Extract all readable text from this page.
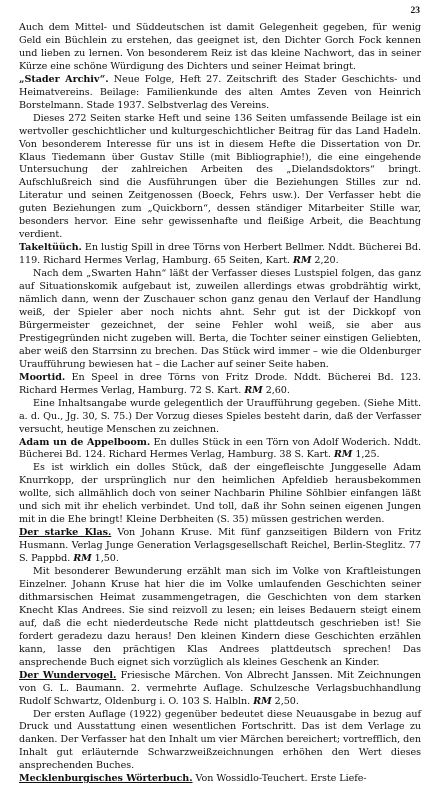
23

Auch dem Mittel- und Süddeutschen ist damit Gelegenheit gegeben, für wenig Geld ein Büchlein zu erstehen, das geeignet ist, den Dichter Gorch Fock kennen und lieben zu lernen. Von besonderem Reiz ist das kleine Nachwort, das in seiner Kürze eine schöne Würdigung des Dichters und seiner Heimat bringt.

„Stader Archiv“. Neue Folge, Heft 27. Zeitschrift des Stader Geschichts- und Heimatvereins. Beilage: Familienkunde des alten Amtes Zeven von Heinrich Borstelmann. Stade 1937. Selbstverlag des Vereins.

Dieses 272 Seiten starke Heft und seine 136 Seiten umfassende Beilage ist ein wertvoller geschichtlicher und kulturgeschichtlicher Beitrag für das Land Hadeln. Von besonderem Interesse für uns ist in diesem Hefte die Dissertation von Dr. Klaus Tiedemann über Gustav Stille (mit Bibliographie!), die eine eingehende Untersuchung der zahlreichen Arbeiten des „Dielandsdoktors“ bringt. Aufschlußreich sind die Ausführungen über die Beziehungen Stilles zur nd. Literatur und seinen Zeitgenossen (Boeck, Fehrs usw.). Der Verfasser hebt die guten Beziehungen zum „Quickborn“, dessen ständiger Mitarbeiter Stille war, besonders hervor. Eine sehr gewissenhafte und fleißige Arbeit, die Beachtung verdient.

Takeltüüch. En lustig Spill in dree Törns von Herbert Bellmer. Nddt. Bücherei Bd. 119. Richard Hermes Verlag, Hamburg. 65 Seiten, Kart. RM 2,20.

Nach dem „Swarten Hahn“ läßt der Verfasser dieses Lustspiel folgen, das ganz auf Situationskomik aufgebaut ist, zuweilen allerdings etwas grobdrähtig wirkt, nämlich dann, wenn der Zuschauer schon ganz genau den Verlauf der Handlung weiß, der Spieler aber noch nichts ahnt. Sehr gut ist der Dickkopf von Bürgermeister gezeichnet, der seine Fehler wohl weiß, sie aber aus Prestigegründen nicht zugeben will. Berta, die Tochter seiner einstigen Geliebten, aber weiß den Starrsinn zu brechen. Das Stück wird immer – wie die Oldenburger Uraufführung bewiesen hat – die Lacher auf seiner Seite haben.

Moortid. En Speel in dree Törns von Fritz Drode. Nddt. Bücherei Bd. 123. Richard Hermes Verlag, Hamburg. 72 S. Kart. RM 2,60.

Eine Inhaltsangabe wurde gelegentlich der Uraufführung gegeben. (Siehe Mitt. a. d. Qu., Jg. 30, S. 75.) Der Vorzug dieses Spieles besteht darin, daß der Verfasser versucht, heutige Menschen zu zeichnen.

Adam un de Appelboom. En dulles Stück in een Törn von Adolf Woderich. Nddt. Bücherei Bd. 124. Richard Hermes Verlag, Hamburg. 38 S. Kart. RM 1,25.

Es ist wirklich ein dolles Stück, daß der eingefleischte Junggeselle Adam Knurrkopp, der ursprünglich nur den heimlichen Apfeldieb herausbekommen wollte, sich allmählich doch von seiner Nachbarin Philine Söhlbier einfangen läßt und sich mit ihr ehelich verbindet. Und toll, daß ihr Sohn seinen eigenen Jungen mit in die Ehe bringt! Kleine Derbheiten (S. 35) müssen gestrichen werden.

Der starke Klas. Von Johann Kruse. Mit fünf ganzseitigen Bildern von Fritz Husmann. Verlag Junge Generation Verlagsgesellschaft Reichel, Berlin-Steglitz. 77 S. Pappbd. RM 1,50.

Mit besonderer Bewunderung erzählt man sich im Volke von Kraftleistungen Einzelner. Johann Kruse hat hier die im Volke umlaufenden Geschichten seiner dithmarsischen Heimat zusammengetragen, die Geschichten von dem starken Knecht Klas Andrees. Sie sind reizvoll zu lesen; ein leises Bedauern steigt einem auf, daß die echt niederdeutsche Rede nicht plattdeutsch geschrieben ist! Sie fordert geradezu dazu heraus! Den kleinen Kindern diese Geschichten erzählen kann, lasse den prächtigen Klas Andrees plattdeutsch sprechen! Das ansprechende Buch eignet sich vorzüglich als kleines Geschenk an Kinder.

Der Wundervogel. Friesische Märchen. Von Albrecht Janssen. Mit Zeichnungen von G. L. Baumann. 2. vermehrte Auflage. Schulzesche Verlagsbuchhandlung Rudolf Schwartz, Oldenburg i. O. 103 S. Halbln. RM 2,50.

Der ersten Auflage (1922) gegenüber bedeutet diese Neuausgabe in bezug auf Druck und Ausstattung einen wesentlichen Fortschritt. Das ist dem Verlage zu danken. Der Verfasser hat den Inhalt um vier Märchen bereichert; vortrefflich, den Inhalt gut erläuternde Schwarzweißzeichnungen erhöhen den Wert dieses ansprechenden Buches.

Mecklenburgisches Wörterbuch. Von Wossidlo-Teuchert. Erste Liefe-
